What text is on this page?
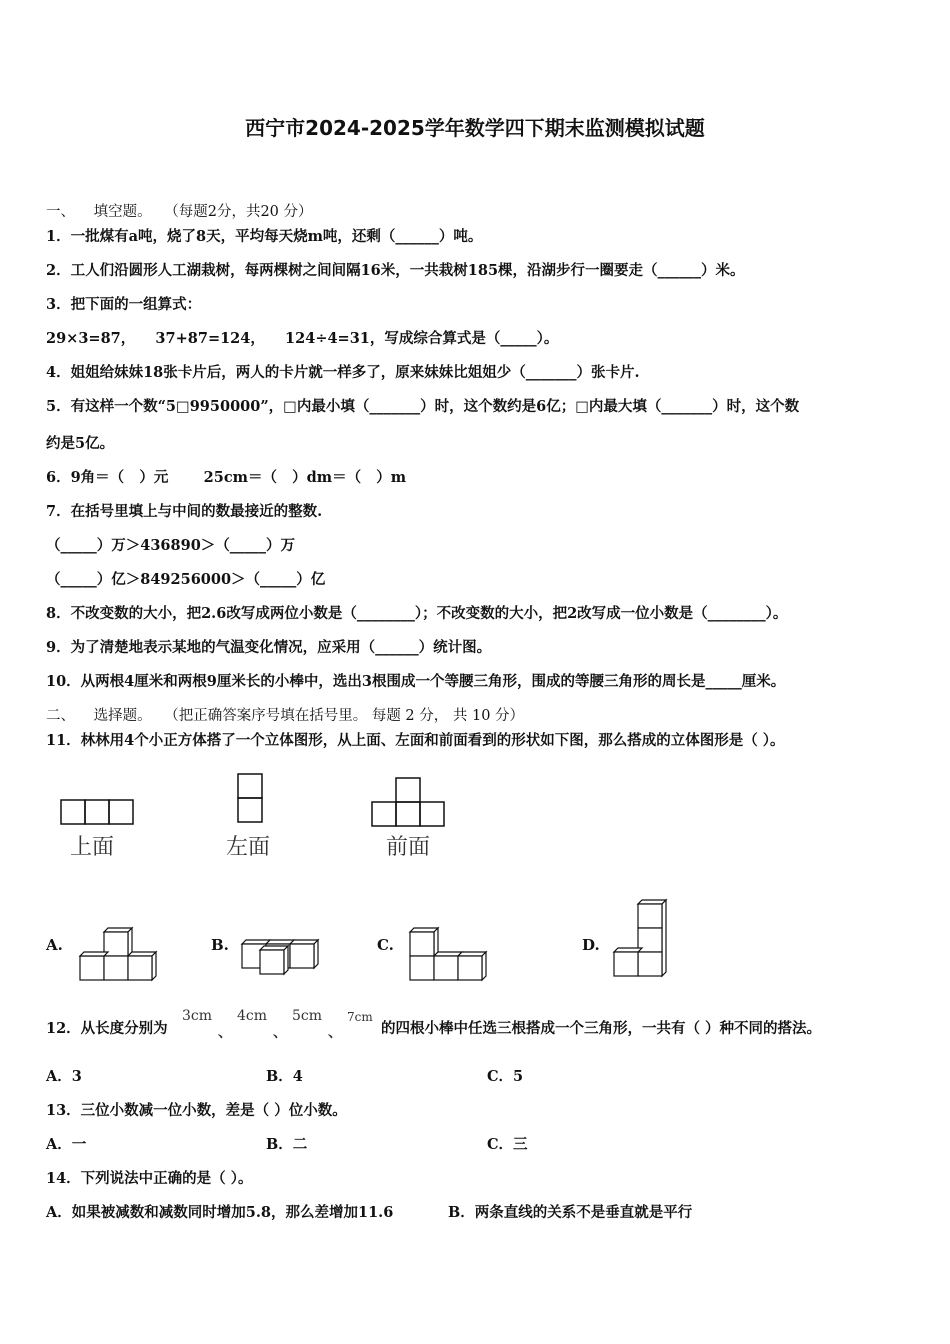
西宁市2024-2025学年数学四下期末监测模拟试题
一、 填空题。 （每题2分，共20 分）
1．一批煤有a吨，烧了8天，平均每天烧m吨，还剩（______）吨。
2．工人们沿圆形人工湖栽树，每两棵树之间间隔16米，一共栽树185棵，沿湖步行一圈要走（______）米。
3．把下面的一组算式：
29×3=87，    37+87=124，    124÷4=31，写成综合算式是（_____）。
4．姐姐给妹妹18张卡片后，两人的卡片就一样多了，原来妹妹比姐姐少（_______）张卡片.
5．有这样一个数“5□9950000”，□内最小填（_______）时，这个数约是6亿；□内最大填（_______）时，这个数
约是5亿。
6．9角＝（   ）元       25cm＝（   ）dm＝（   ）m
7．在括号里填上与中间的数最接近的整数.
（_____）万＞436890＞（_____）万
（_____）亿＞849256000＞（_____）亿
8．不改变数的大小，把2.6改写成两位小数是（________）；不改变数的大小，把2改写成一位小数是（________）。
9．为了清楚地表示某地的气温变化情况，应采用（______）统计图。
10．从两根4厘米和两根9厘米长的小棒中，选出3根围成一个等腰三角形，围成的等腰三角形的周长是_____厘米。
二、 选择题。 （把正确答案序号填在括号里。 每题 2 分， 共 10 分）
11．林林用4个小正方体搭了一个立体图形，从上面、左面和前面看到的形状如下图，那么搭成的立体图形是（ ）。
上面	左面	前面
A.	B.	C.	D.
12．从长度分别为
3cm
、
4cm
、
5cm
、
7cm
的四根小棒中任选三根搭成一个三角形，一共有（ ）种不同的搭法。
A．3	B．4	C．5
13．三位小数减一位小数，差是（ ）位小数。
A．一	B．二	C．三
14．下列说法中正确的是（ ）。
A．如果被减数和减数同时增加5.8，那么差增加11.6	B．两条直线的关系不是垂直就是平行
